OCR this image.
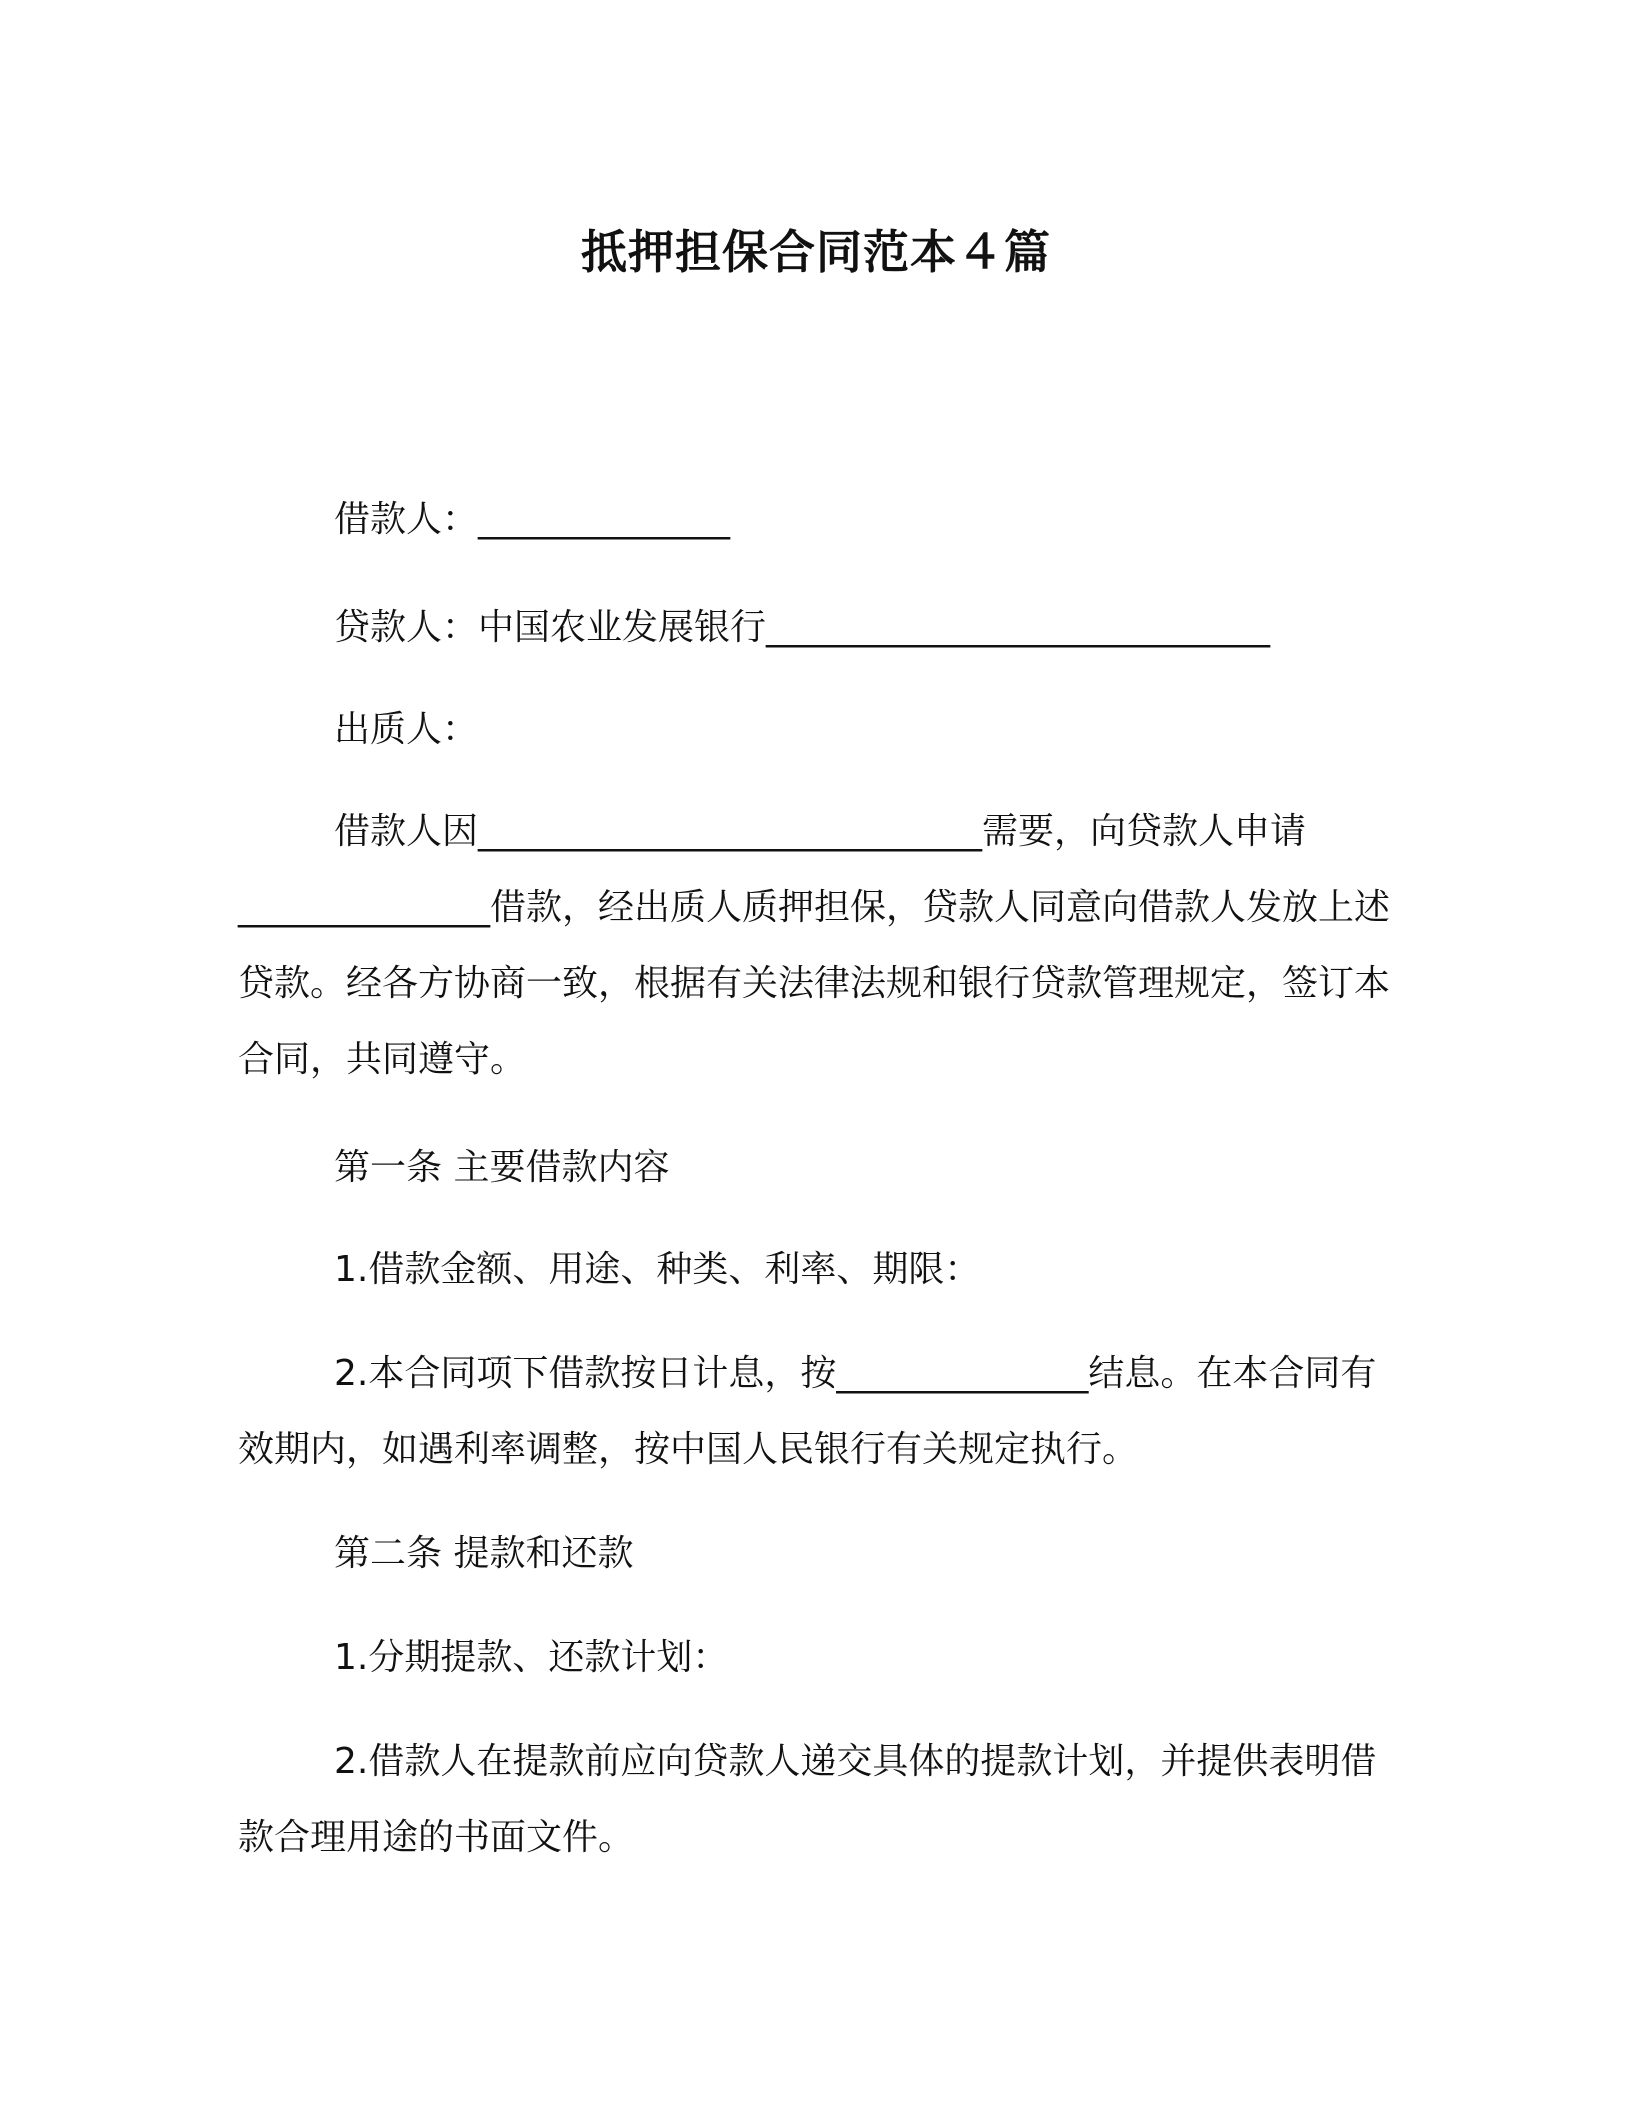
抵押担保合同范本４篇
借款人：______________
贷款人：中国农业发展银行____________________________
出质人：
借款人因____________________________需要，向贷款人申请______________借款，经出质人质押担保，贷款人同意向借款人发放上述贷款。经各方协商一致，根据有关法律法规和银行贷款管理规定，签订本合同，共同遵守。
第一条 主要借款内容
1.借款金额、用途、种类、利率、期限：
2.本合同项下借款按日计息，按______________结息。在本合同有效期内，如遇利率调整，按中国人民银行有关规定执行。
第二条 提款和还款
1.分期提款、还款计划：
2.借款人在提款前应向贷款人递交具体的提款计划，并提供表明借款合理用途的书面文件。
